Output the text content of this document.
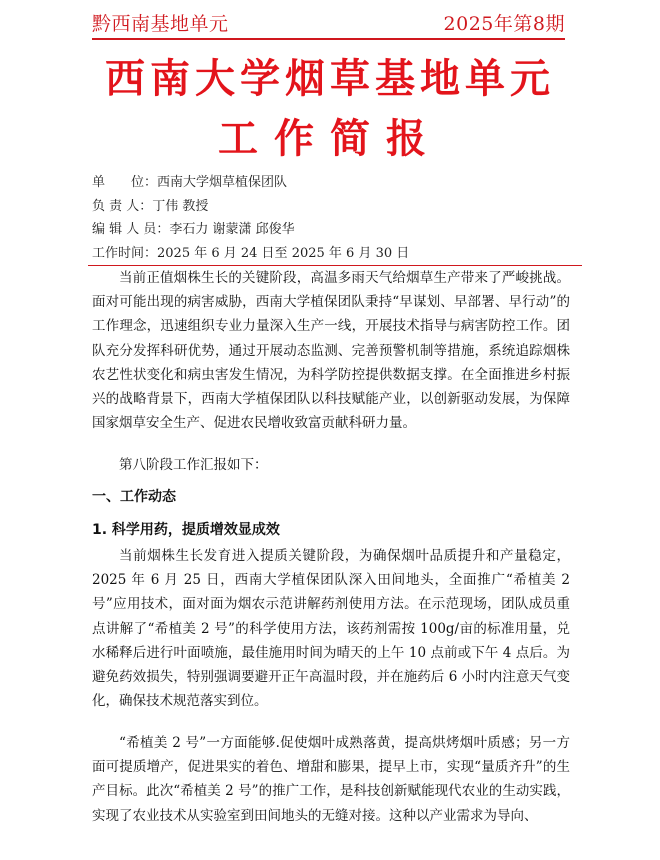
黔西南基地单元	2025年第8期
西南大学烟草基地单元
工作简报
单　　位：西南大学烟草植保团队
负 责 人：丁伟 教授
编 辑 人 员：李石力 谢蒙潇 邱俊华
工作时间：2025 年 6 月 24 日至 2025 年 6 月 30 日

当前正值烟株生长的关键阶段，高温多雨天气给烟草生产带来了严峻挑战。面对可能出现的病害威胁，西南大学植保团队秉持“早谋划、早部署、早行动”的工作理念，迅速组织专业力量深入生产一线，开展技术指导与病害防控工作。团队充分发挥科研优势，通过开展动态监测、完善预警机制等措施，系统追踪烟株农艺性状变化和病虫害发生情况，为科学防控提供数据支撑。在全面推进乡村振兴的战略背景下，西南大学植保团队以科技赋能产业，以创新驱动发展，为保障国家烟草安全生产、促进农民增收致富贡献科研力量。

第八阶段工作汇报如下：

一、工作动态
1. 科学用药，提质增效显成效

当前烟株生长发育进入提质关键阶段，为确保烟叶品质提升和产量稳定，2025 年 6 月 25 日，西南大学植保团队深入田间地头，全面推广“希植美 2 号”应用技术，面对面为烟农示范讲解药剂使用方法。在示范现场，团队成员重点讲解了“希植美 2 号”的科学使用方法，该药剂需按 100g/亩的标准用量，兑水稀释后进行叶面喷施，最佳施用时间为晴天的上午 10 点前或下午 4 点后。为避免药效损失，特别强调要避开正午高温时段，并在施药后 6 小时内注意天气变化，确保技术规范落实到位。

“希植美 2 号”一方面能够.促使烟叶成熟落黄，提高烘烤烟叶质感；另一方面可提质增产，促进果实的着色、增甜和膨果，提早上市，实现“量质齐升”的生产目标。此次“希植美 2 号”的推广工作，是科技创新赋能现代农业的生动实践，实现了农业技术从实验室到田间地头的无缝对接。这种以产业需求为导向、
